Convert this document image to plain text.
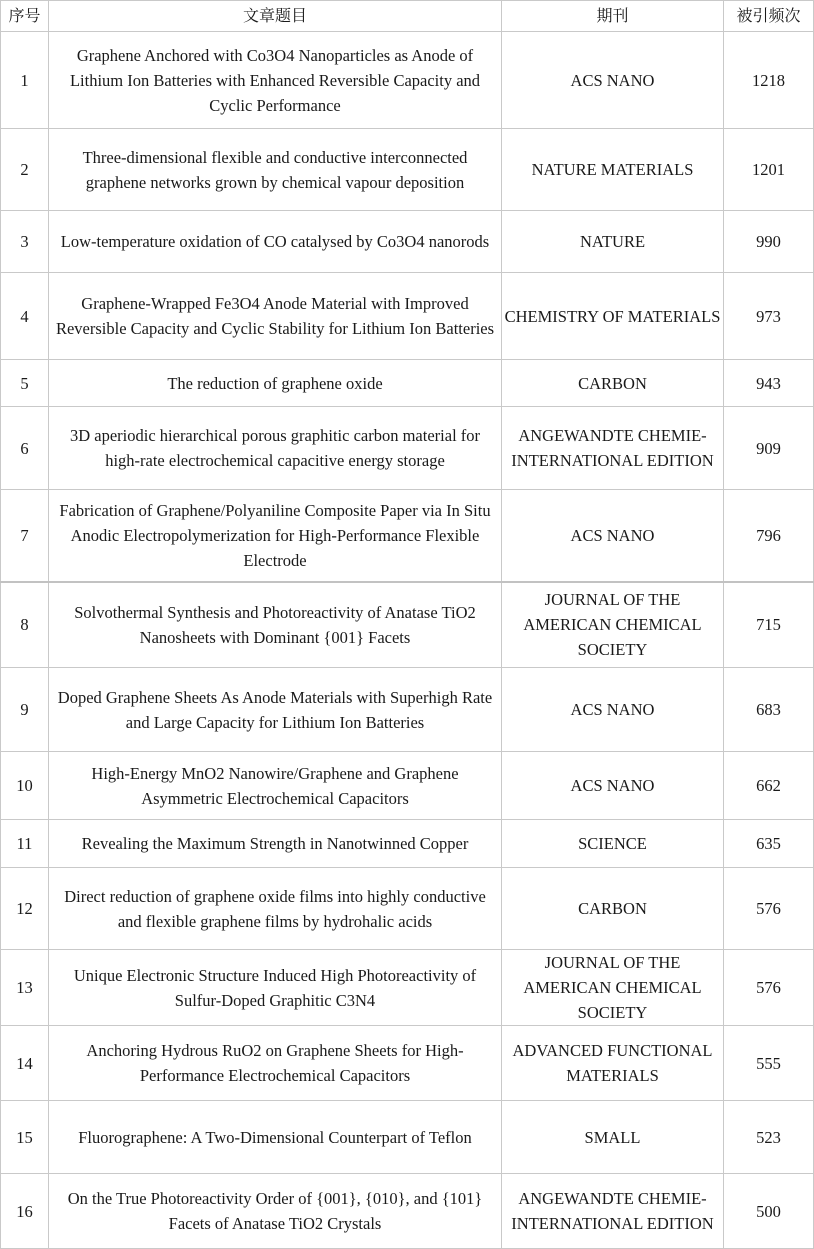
序号	文章题目	期刊	被引频次
1	Graphene Anchored with Co3O4 Nanoparticles as Anode of Lithium Ion Batteries with Enhanced Reversible Capacity and Cyclic Performance	ACS NANO	1218
2	Three-dimensional flexible and conductive interconnected graphene networks grown by chemical vapour deposition	NATURE MATERIALS	1201
3	Low-temperature oxidation of CO catalysed by Co3O4 nanorods	NATURE	990
4	Graphene-Wrapped Fe3O4 Anode Material with Improved Reversible Capacity and Cyclic Stability for Lithium Ion Batteries	CHEMISTRY OF MATERIALS	973
5	The reduction of graphene oxide	CARBON	943
6	3D aperiodic hierarchical porous graphitic carbon material for high-rate electrochemical capacitive energy storage	ANGEWANDTE CHEMIE-INTERNATIONAL EDITION	909
7	Fabrication of Graphene/Polyaniline Composite Paper via In Situ Anodic Electropolymerization for High-Performance Flexible Electrode	ACS NANO	796
8	Solvothermal Synthesis and Photoreactivity of Anatase TiO2 Nanosheets with Dominant {001} Facets	JOURNAL OF THE AMERICAN CHEMICAL SOCIETY	715
9	Doped Graphene Sheets As Anode Materials with Superhigh Rate and Large Capacity for Lithium Ion Batteries	ACS NANO	683
10	High-Energy MnO2 Nanowire/Graphene and Graphene Asymmetric Electrochemical Capacitors	ACS NANO	662
11	Revealing the Maximum Strength in Nanotwinned Copper	SCIENCE	635
12	Direct reduction of graphene oxide films into highly conductive and flexible graphene films by hydrohalic acids	CARBON	576
13	Unique Electronic Structure Induced High Photoreactivity of Sulfur-Doped Graphitic C3N4	JOURNAL OF THE AMERICAN CHEMICAL SOCIETY	576
14	Anchoring Hydrous RuO2 on Graphene Sheets for High-Performance Electrochemical Capacitors	ADVANCED FUNCTIONAL MATERIALS	555
15	Fluorographene: A Two-Dimensional Counterpart of Teflon	SMALL	523
16	On the True Photoreactivity Order of {001}, {010}, and {101} Facets of Anatase TiO2 Crystals	ANGEWANDTE CHEMIE-INTERNATIONAL EDITION	500
